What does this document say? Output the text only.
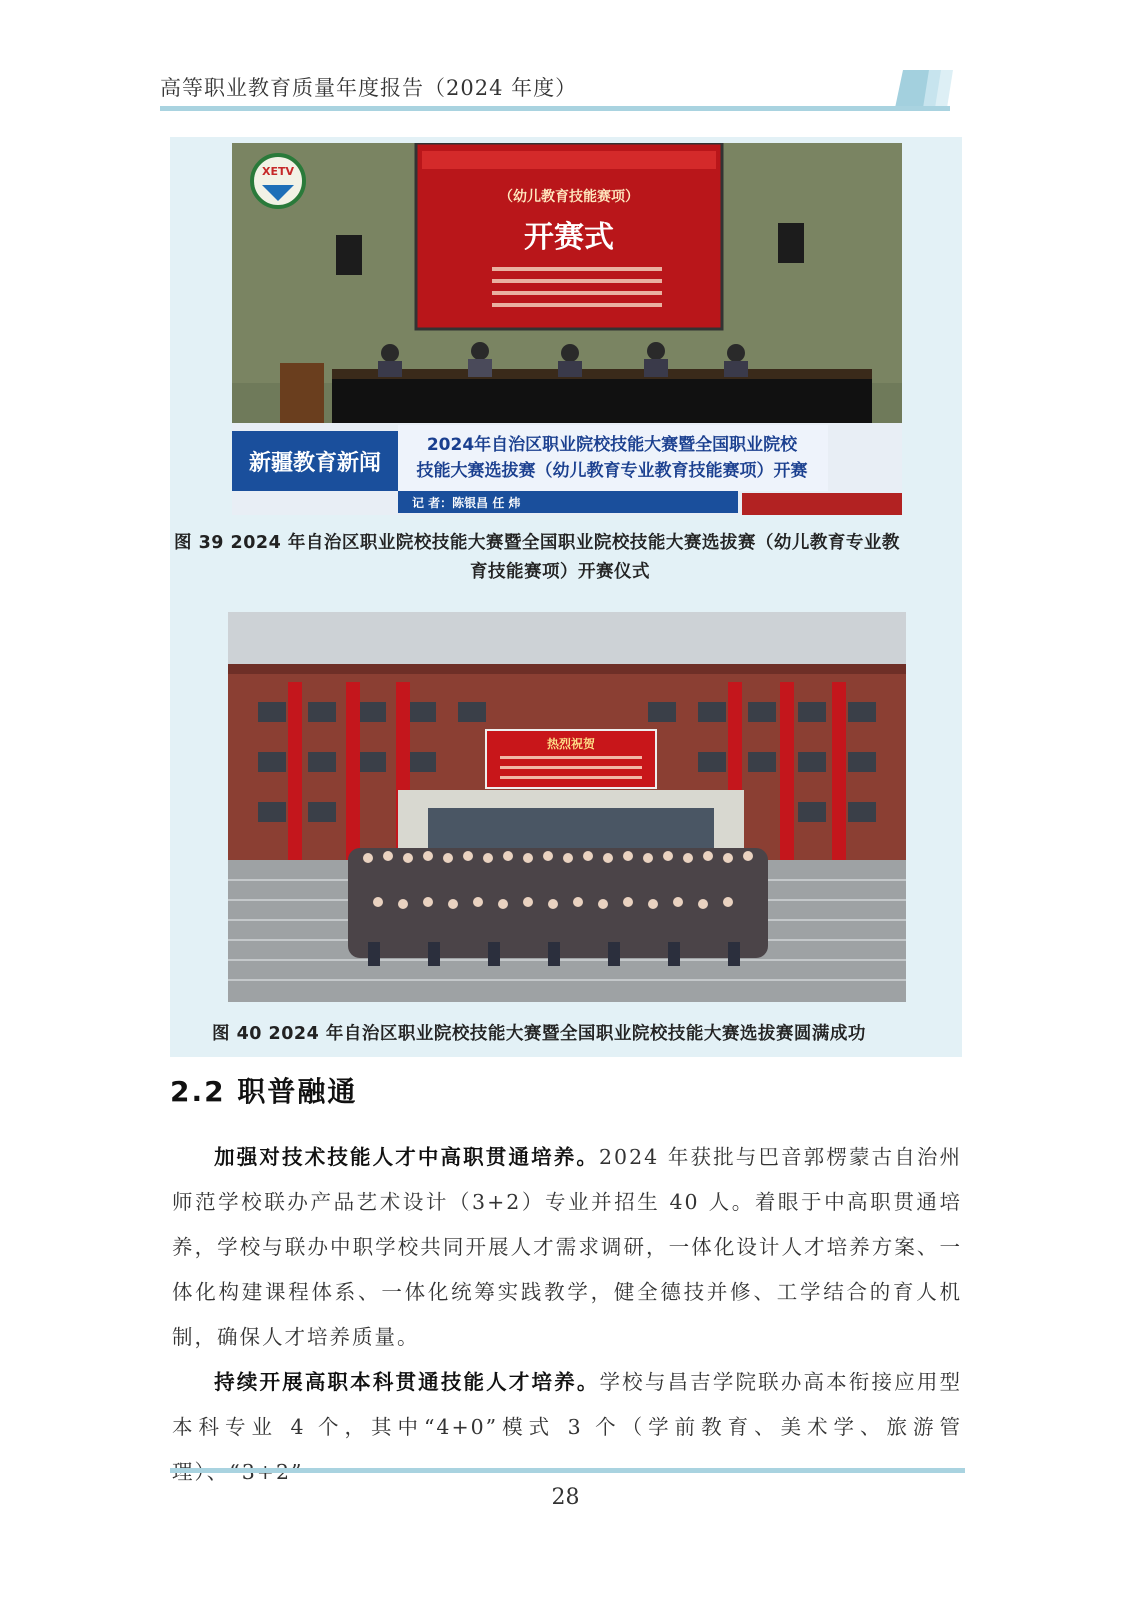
高等职业教育质量年度报告（2024 年度）
XETV
（幼儿教育技能赛项）
开赛式
新疆教育新闻
2024年自治区职业院校技能大赛暨全国职业院校
技能大赛选拔赛（幼儿教育专业教育技能赛项）开赛
记 者：陈银昌 任 炜
图 39 2024 年自治区职业院校技能大赛暨全国职业院校技能大赛选拔赛（幼儿教育专业教
育技能赛项）开赛仪式
热烈祝贺
图 40 2024 年自治区职业院校技能大赛暨全国职业院校技能大赛选拔赛圆满成功
2.2 职普融通
加强对技术技能人才中高职贯通培养。2024 年获批与巴音郭楞蒙古自治州师范学校联办产品艺术设计（3+2）专业并招生 40 人。着眼于中高职贯通培养，学校与联办中职学校共同开展人才需求调研，一体化设计人才培养方案、一体化构建课程体系、一体化统筹实践教学，健全德技并修、工学结合的育人机制，确保人才培养质量。
持续开展高职本科贯通技能人才培养。学校与昌吉学院联办高本衔接应用型本科专业 4 个，其中“4+0”模式 3 个（学前教育、美术学、旅游管
28
